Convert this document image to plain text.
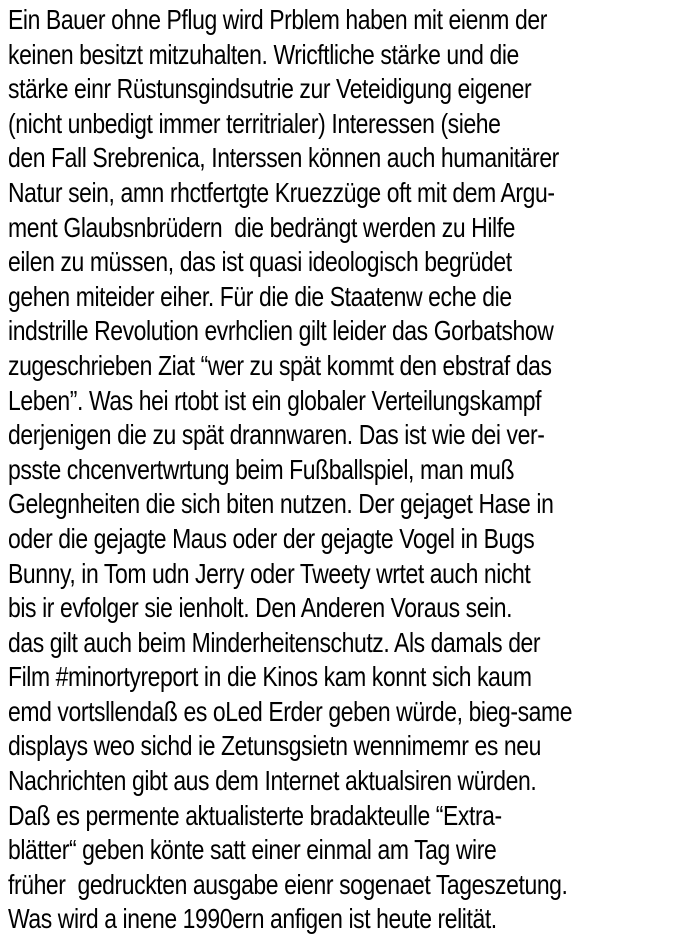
Ein Bauer ohne Pflug wird Prblem haben mit eienm der
keinen besitzt mitzuhalten. Wricftliche stärke und die
stärke einr Rüstunsgindsutrie zur Veteidigung eigener
(nicht unbedigt immer territrialer) Interessen (siehe
den Fall Srebrenica, Interssen können auch humanitärer
Natur sein, amn rhctfertgte Kruezzüge oft mit dem Argu-
ment Glaubsnbrüdern  die bedrängt werden zu Hilfe
eilen zu müssen, das ist quasi ideologisch begrüdet
gehen miteider eiher. Für die die Staatenw eche die
indstrille Revolution evrhclien gilt leider das Gorbatshow
zugeschrieben Ziat “wer zu spät kommt den ebstraf das
Leben”. Was hei rtobt ist ein globaler Verteilungskampf
derjenigen die zu spät drannwaren. Das ist wie dei ver-
psste chcenvertwrtung beim Fußballspiel, man muß
Gelegnheiten die sich biten nutzen. Der gejaget Hase in
oder die gejagte Maus oder der gejagte Vogel in Bugs
Bunny, in Tom udn Jerry oder Tweety wrtet auch nicht
bis ir evfolger sie ienholt. Den Anderen Voraus sein.
das gilt auch beim Minderheitenschutz. Als damals der
Film #minortyreport in die Kinos kam konnt sich kaum
emd vortsllendaß es oLed Erder geben würde, bieg-same
displays weo sichd ie Zetunsgsietn wennimemr es neu
Nachrichten gibt aus dem Internet aktualsiren würden.
Daß es permente aktualisterte bradakteulle “Extra-
blätter“ geben könte satt einer einmal am Tag wire
früher  gedruckten ausgabe eienr sogenaet Tageszetung.
Was wird a inene 1990ern anfigen ist heute relität.
